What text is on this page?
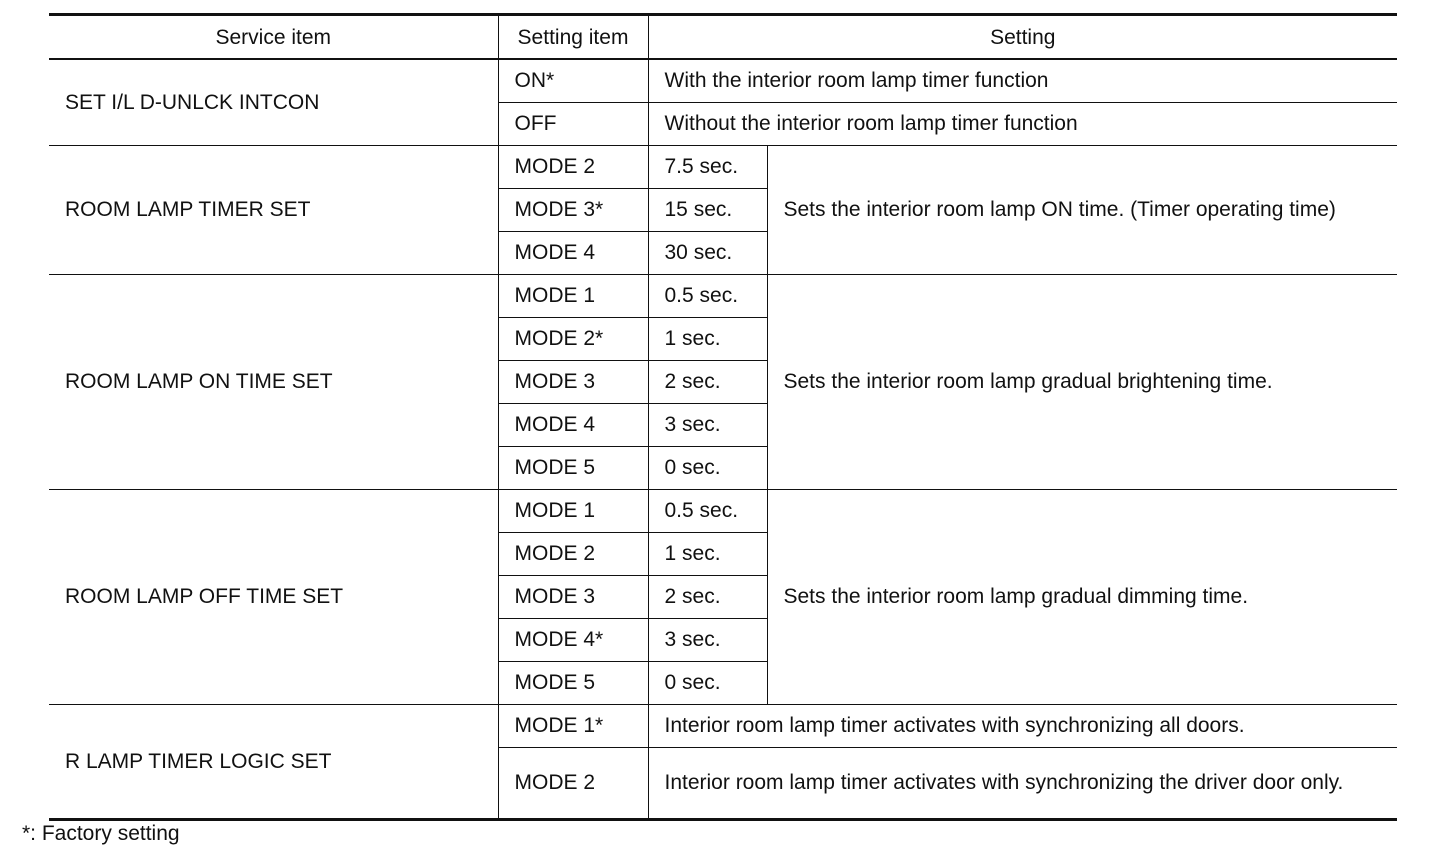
Service item	Setting item	Setting	
SET I/L D-UNLCK INTCON	ON*	With the interior room lamp timer function	
	OFF	Without the interior room lamp timer function	
ROOM LAMP TIMER SET	MODE 2	7.5 sec.	Sets the interior room lamp ON time. (Timer operating time)
	MODE 3*	15 sec.	
	MODE 4	30 sec.	
ROOM LAMP ON TIME SET	MODE 1	0.5 sec.	Sets the interior room lamp gradual brightening time.
	MODE 2*	1 sec.	
	MODE 3	2 sec.	
	MODE 4	3 sec.	
	MODE 5	0 sec.	
ROOM LAMP OFF TIME SET	MODE 1	0.5 sec.	Sets the interior room lamp gradual dimming time.
	MODE 2	1 sec.	
	MODE 3	2 sec.	
	MODE 4*	3 sec.	
	MODE 5	0 sec.	
R LAMP TIMER LOGIC SET	MODE 1*	Interior room lamp timer activates with synchronizing all doors.	
	MODE 2	Interior room lamp timer activates with synchronizing the driver door only.	
*: Factory setting
